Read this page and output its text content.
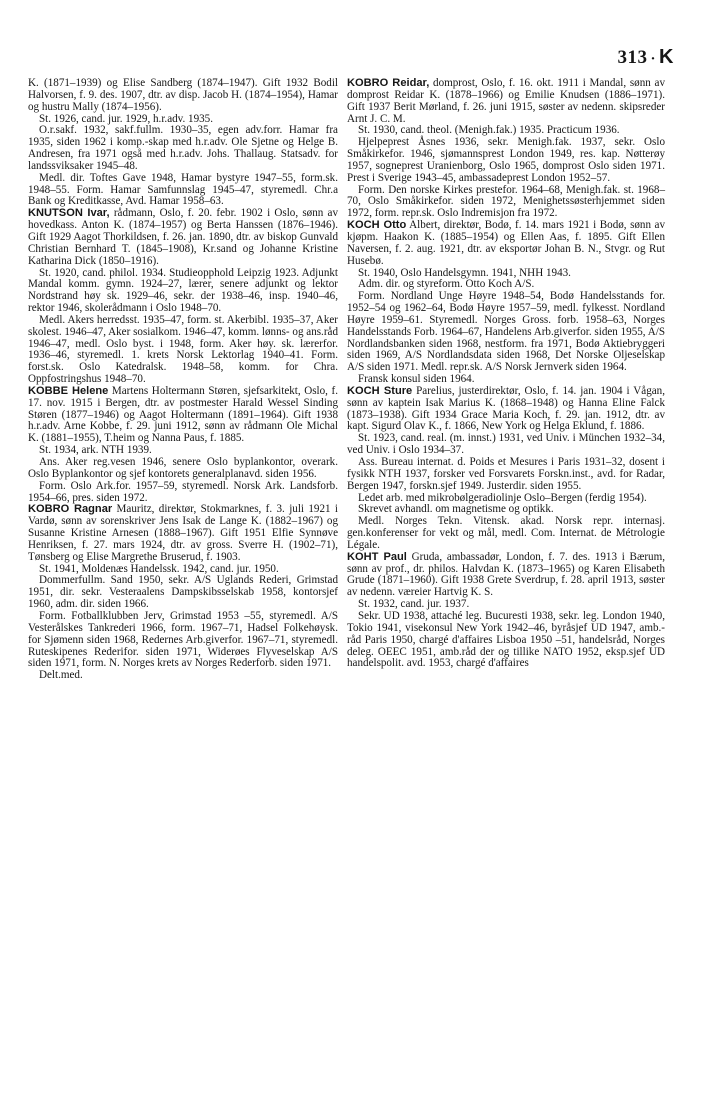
313 · K

K. (1871–1939) og Elise Sandberg (1874–1947). Gift 1932 Bodil Halvorsen, f. 9. des. 1907, dtr. av disp. Jacob H. (1874–1954), Hamar og hustru Mally (1874–1956).

St. 1926, cand. jur. 1929, h.r.adv. 1935.

O.r.sakf. 1932, sakf.fullm. 1930–35, egen adv.forr. Hamar fra 1935, siden 1962 i komp.-skap med h.r.adv. Ole Sjetne og Helge B. Andresen, fra 1971 også med h.r.adv. Johs. Thallaug. Statsadv. for landssviksaker 1945–48.

Medl. dir. Toftes Gave 1948, Hamar bystyre 1947–55, form.sk. 1948–55. Form. Hamar Samfunnslag 1945–47, styremedl. Chr.a Bank og Kreditkasse, Avd. Hamar 1958–63.

KNUTSON Ivar, rådmann, Oslo, f. 20. febr. 1902 i Oslo, sønn av hovedkass. Anton K. (1874–1957) og Berta Hanssen (1876–1946). Gift 1929 Aagot Thorkildsen, f. 26. jan. 1890, dtr. av biskop Gunvald Christian Bernhard T. (1845–1908), Kr.sand og Johanne Kristine Katharina Dick (1850–1916).

St. 1920, cand. philol. 1934. Studieopphold Leipzig 1923. Adjunkt Mandal komm. gymn. 1924–27, lærer, senere adjunkt og lektor Nordstrand høy sk. 1929–46, sekr. der 1938–46, insp. 1940–46, rektor 1946, skolerådmann i Oslo 1948–70.

Medl. Akers herredsst. 1935–47, form. st. Akerbibl. 1935–37, Aker skolest. 1946–47, Aker sosialkom. 1946–47, komm. lønns- og ans.råd 1946–47, medl. Oslo byst. i 1948, form. Aker høy. sk. lærerfor. 1936–46, styremedl. 1. krets Norsk Lektorlag 1940–41. Form. forst.sk. Oslo Katedralsk. 1948–58, komm. for Chra. Oppfostringshus 1948–70.

KOBBE Helene Martens Holtermann Støren, sjefsarkitekt, Oslo, f. 17. nov. 1915 i Bergen, dtr. av postmester Harald Wessel Sinding Støren (1877–1946) og Aagot Holtermann (1891–1964). Gift 1938 h.r.adv. Arne Kobbe, f. 29. juni 1912, sønn av rådmann Ole Michal K. (1881–1955), T.heim og Nanna Paus, f. 1885.

St. 1934, ark. NTH 1939.

Ans. Aker reg.vesen 1946, senere Oslo byplankontor, overark. Oslo Byplankontor og sjef kontorets generalplanavd. siden 1956.

Form. Oslo Ark.for. 1957–59, styremedl. Norsk Ark. Landsforb. 1954–66, pres. siden 1972.

KOBRO Ragnar Mauritz, direktør, Stokmarknes, f. 3. juli 1921 i Vardø, sønn av sorenskriver Jens Isak de Lange K. (1882–1967) og Susanne Kristine Arnesen (1888–1967). Gift 1951 Elfie Synnøve Henriksen, f. 27. mars 1924, dtr. av gross. Sverre H. (1902–71), Tønsberg og Elise Margrethe Bruserud, f. 1903.

St. 1941, Moldenæs Handelssk. 1942, cand. jur. 1950.

Dommerfullm. Sand 1950, sekr. A/S Uglands Rederi, Grimstad 1951, dir. sekr. Vesteraalens Dampskibsselskab 1958, kontorsjef 1960, adm. dir. siden 1966.

Form. Fotballklubben Jerv, Grimstad 1953 –55, styremedl. A/S Vesterålskes Tankrederi 1966, form. 1967–71, Hadsel Folkehøysk. for Sjømenn siden 1968, Redernes Arb.giverfor. 1967–71, styremedl. Ruteskipenes Rederifor. siden 1971, Widerøes Flyveselskap A/S siden 1971, form. N. Norges krets av Norges Rederforb. siden 1971.

Delt.med.

KOBRO Reidar, domprost, Oslo, f. 16. okt. 1911 i Mandal, sønn av domprost Reidar K. (1878–1966) og Emilie Knudsen (1886–1971). Gift 1937 Berit Mørland, f. 26. juni 1915, søster av nedenn. skipsreder Arnt J. C. M.

St. 1930, cand. theol. (Menigh.fak.) 1935. Practicum 1936.

Hjelpeprest Åsnes 1936, sekr. Menigh.fak. 1937, sekr. Oslo Småkirkefor. 1946, sjømannsprest London 1949, res. kap. Nøtterøy 1957, sogneprest Uranienborg, Oslo 1965, domprost Oslo siden 1971. Prest i Sverige 1943–45, ambassadeprest London 1952–57.

Form. Den norske Kirkes prestefor. 1964–68, Menigh.fak. st. 1968–70, Oslo Småkirkefor. siden 1972, Menighetssøsterhjemmet siden 1972, form. repr.sk. Oslo Indremisjon fra 1972.

KOCH Otto Albert, direktør, Bodø, f. 14. mars 1921 i Bodø, sønn av kjøpm. Haakon K. (1885–1954) og Ellen Aas, f. 1895. Gift Ellen Naversen, f. 2. aug. 1921, dtr. av eksportør Johan B. N., Stvgr. og Rut Husebø.

St. 1940, Oslo Handelsgymn. 1941, NHH 1943.

Adm. dir. og styreform. Otto Koch A/S.

Form. Nordland Unge Høyre 1948–54, Bodø Handelsstands for. 1952–54 og 1962–64, Bodø Høyre 1957–59, medl. fylkesst. Nordland Høyre 1959–61. Styremedl. Norges Gross. forb. 1958–63, Norges Handelsstands Forb. 1964–67, Handelens Arb.giverfor. siden 1955, A/S Nordlandsbanken siden 1968, nestform. fra 1971, Bodø Aktiebryggeri siden 1969, A/S Nordlandsdata siden 1968, Det Norske Oljeselskap A/S siden 1971. Medl. repr.sk. A/S Norsk Jernverk siden 1964.

Fransk konsul siden 1964.

KOCH Sture Parelius, justerdirektør, Oslo, f. 14. jan. 1904 i Vågan, sønn av kaptein Isak Marius K. (1868–1948) og Hanna Eline Falck (1873–1938). Gift 1934 Grace Maria Koch, f. 29. jan. 1912, dtr. av kapt. Sigurd Olav K., f. 1866, New York og Helga Eklund, f. 1886.

St. 1923, cand. real. (m. innst.) 1931, ved Univ. i München 1932–34, ved Univ. i Oslo 1934–37.

Ass. Bureau internat. d. Poids et Mesures i Paris 1931–32, dosent i fysikk NTH 1937, forsker ved Forsvarets Forskn.inst., avd. for Radar, Bergen 1947, forskn.sjef 1949. Justerdir. siden 1955.

Ledet arb. med mikrobølgeradiolinje Oslo–Bergen (ferdig 1954).

Skrevet avhandl. om magnetisme og optikk.

Medl. Norges Tekn. Vitensk. akad. Norsk repr. internasj. gen.konferenser for vekt og mål, medl. Com. Internat. de Métrologie Légale.

KOHT Paul Gruda, ambassadør, London, f. 7. des. 1913 i Bærum, sønn av prof., dr. philos. Halvdan K. (1873–1965) og Karen Elisabeth Grude (1871–1960). Gift 1938 Grete Sverdrup, f. 28. april 1913, søster av nedenn. væreier Hartvig K. S.

St. 1932, cand. jur. 1937.

Sekr. UD 1938, attaché leg. Bucuresti 1938, sekr. leg. London 1940, Tokio 1941, visekonsul New York 1942–46, byråsjef UD 1947, amb.-råd Paris 1950, chargé d'affaires Lisboa 1950 –51, handelsråd, Norges deleg. OEEC 1951, amb.råd der og tillike NATO 1952, eksp.sjef UD handelspolit. avd. 1953, chargé d'affaires
